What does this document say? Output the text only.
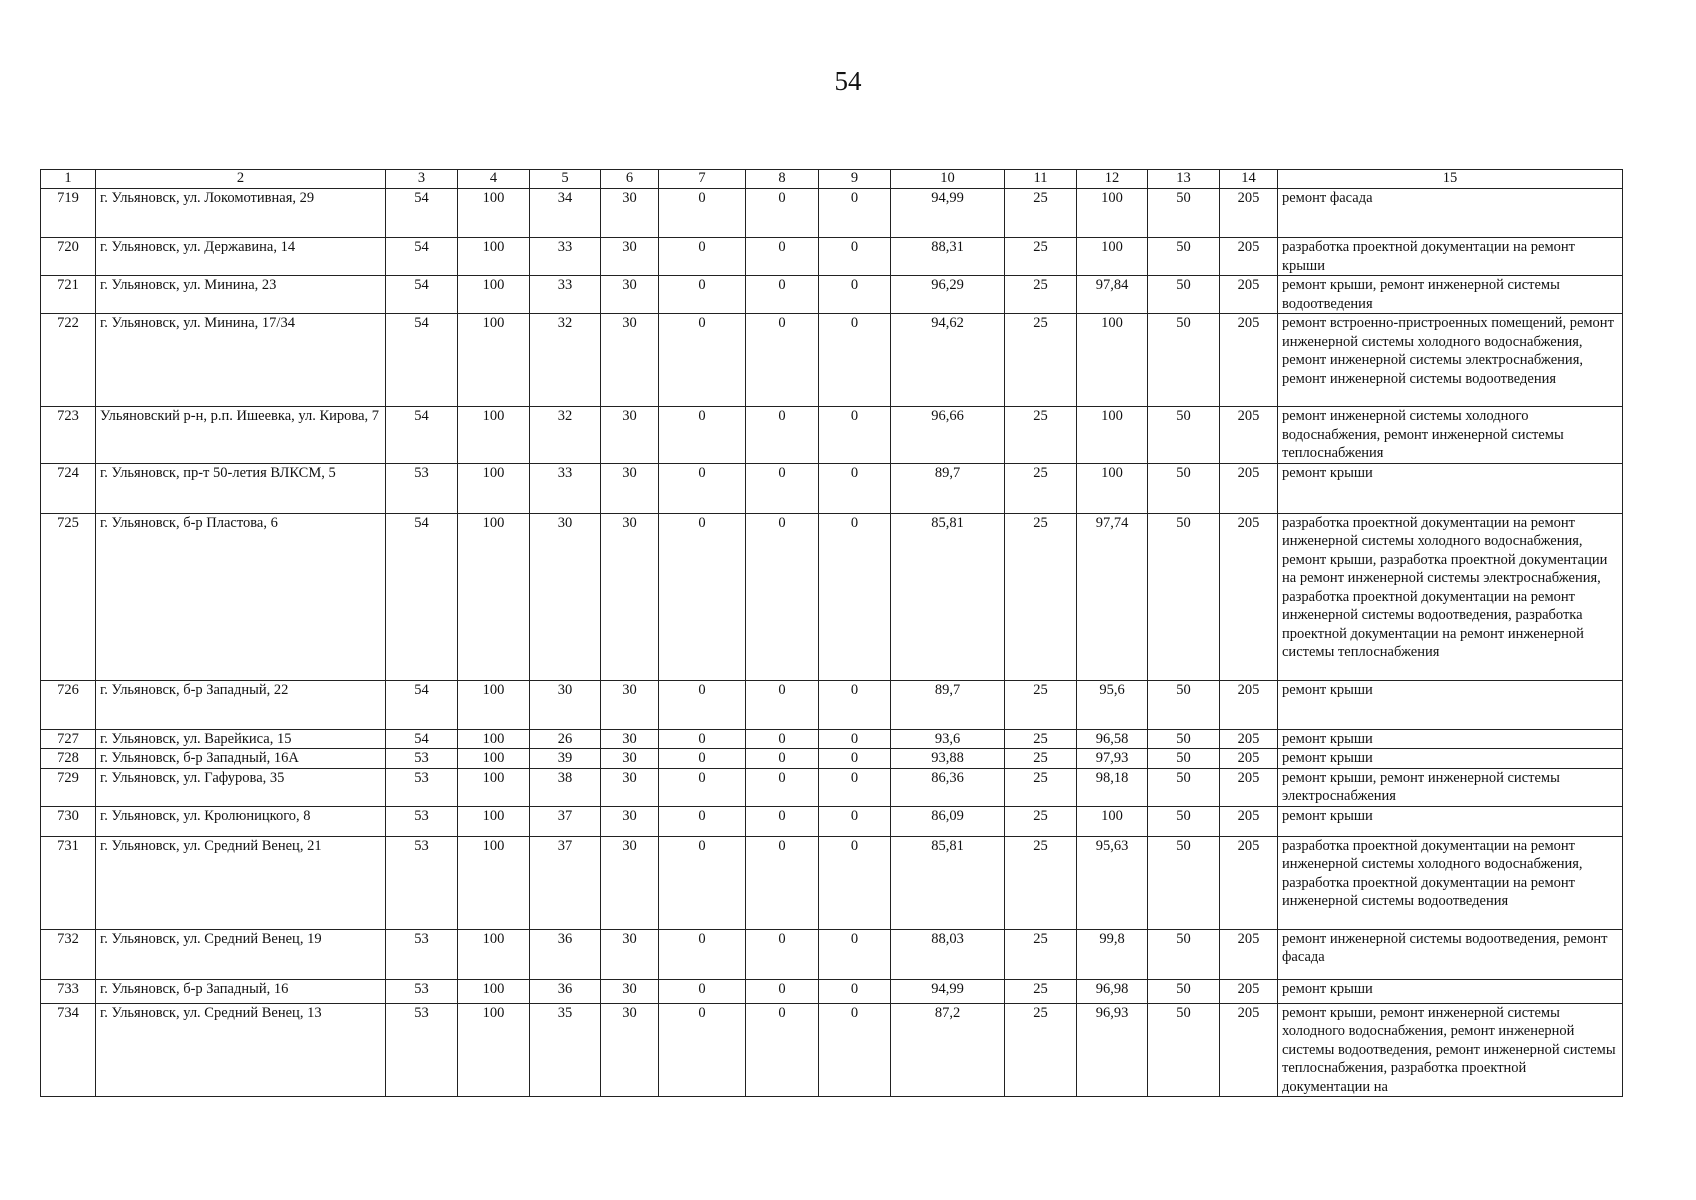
54
1	2	3	4	5	6	7	8	9	10	11	12	13	14	15
719	г. Ульяновск, ул. Локомотивная, 29	54	100	34	30	0	0	0	94,99	25	100	50	205	ремонт фасада
720	г. Ульяновск, ул. Державина, 14	54	100	33	30	0	0	0	88,31	25	100	50	205	разработка проектной документации на ремонт крыши
721	г. Ульяновск, ул. Минина, 23	54	100	33	30	0	0	0	96,29	25	97,84	50	205	ремонт крыши, ремонт инженерной системы водоотведения
722	г. Ульяновск, ул. Минина, 17/34	54	100	32	30	0	0	0	94,62	25	100	50	205	ремонт встроенно-пристроенных помещений, ремонт инженерной системы холодного водоснабжения, ремонт инженерной системы электроснабжения, ремонт инженерной системы водоотведения
723	Ульяновский р-н, р.п. Ишеевка, ул. Кирова, 7	54	100	32	30	0	0	0	96,66	25	100	50	205	ремонт инженерной системы холодного водоснабжения, ремонт инженерной системы теплоснабжения
724	г. Ульяновск, пр-т 50-летия ВЛКСМ, 5	53	100	33	30	0	0	0	89,7	25	100	50	205	ремонт крыши
725	г. Ульяновск, б-р Пластова, 6	54	100	30	30	0	0	0	85,81	25	97,74	50	205	разработка проектной документации на ремонт инженерной системы холодного водоснабжения, ремонт крыши, разработка проектной документации на ремонт инженерной системы электроснабжения, разработка проектной документации на ремонт инженерной системы водоотведения, разработка проектной документации на ремонт инженерной системы теплоснабжения
726	г. Ульяновск, б-р Западный, 22	54	100	30	30	0	0	0	89,7	25	95,6	50	205	ремонт крыши
727	г. Ульяновск, ул. Варейкиса, 15	54	100	26	30	0	0	0	93,6	25	96,58	50	205	ремонт крыши
728	г. Ульяновск, б-р Западный, 16А	53	100	39	30	0	0	0	93,88	25	97,93	50	205	ремонт крыши
729	г. Ульяновск, ул. Гафурова, 35	53	100	38	30	0	0	0	86,36	25	98,18	50	205	ремонт крыши, ремонт инженерной системы электроснабжения
730	г. Ульяновск, ул. Кролюницкого, 8	53	100	37	30	0	0	0	86,09	25	100	50	205	ремонт крыши
731	г. Ульяновск, ул. Средний Венец, 21	53	100	37	30	0	0	0	85,81	25	95,63	50	205	разработка проектной документации на ремонт инженерной системы холодного водоснабжения, разработка проектной документации на ремонт инженерной системы водоотведения
732	г. Ульяновск, ул. Средний Венец, 19	53	100	36	30	0	0	0	88,03	25	99,8	50	205	ремонт инженерной системы водоотведения, ремонт фасада
733	г. Ульяновск, б-р Западный, 16	53	100	36	30	0	0	0	94,99	25	96,98	50	205	ремонт крыши
734	г. Ульяновск, ул. Средний Венец, 13	53	100	35	30	0	0	0	87,2	25	96,93	50	205	ремонт крыши, ремонт инженерной системы холодного водоснабжения, ремонт инженерной системы водоотведения, ремонт инженерной системы теплоснабжения, разработка проектной документации на
